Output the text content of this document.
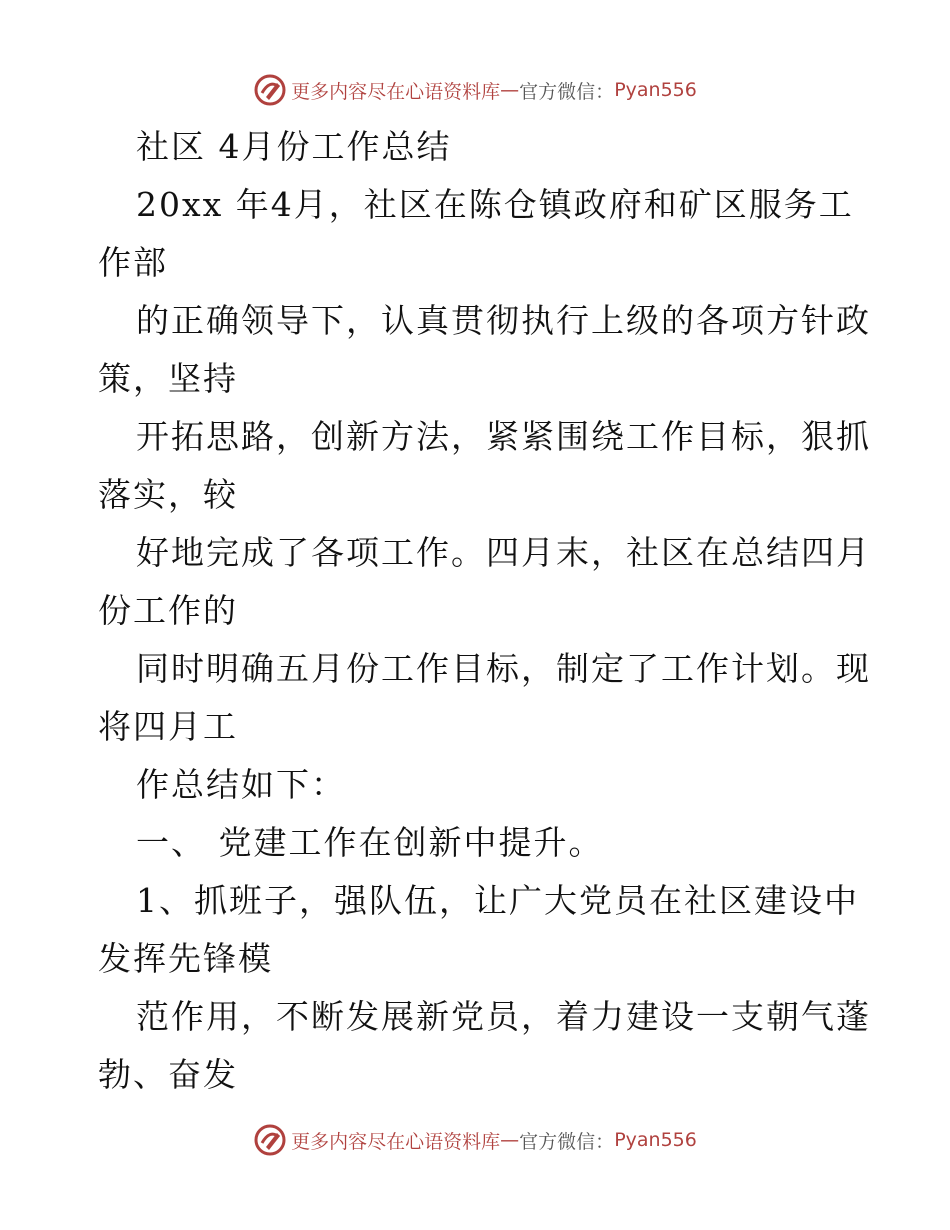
更多内容尽在心语资料库 — 官方微信： Pyan556
社区 4月份工作总结
20xx 年4月，社区在陈仓镇政府和矿区服务工
作部
的正确领导下，认真贯彻执行上级的各项方针政
策，坚持
开拓思路，创新方法，紧紧围绕工作目标，狠抓
落实，较
好地完成了各项工作。四月末，社区在总结四月
份工作的
同时明确五月份工作目标，制定了工作计划。现
将四月工
作总结如下：
一、 党建工作在创新中提升。
1、抓班子，强队伍，让广大党员在社区建设中
发挥先锋模
范作用，不断发展新党员，着力建设一支朝气蓬
勃、奋发
更多内容尽在心语资料库 — 官方微信： Pyan556
